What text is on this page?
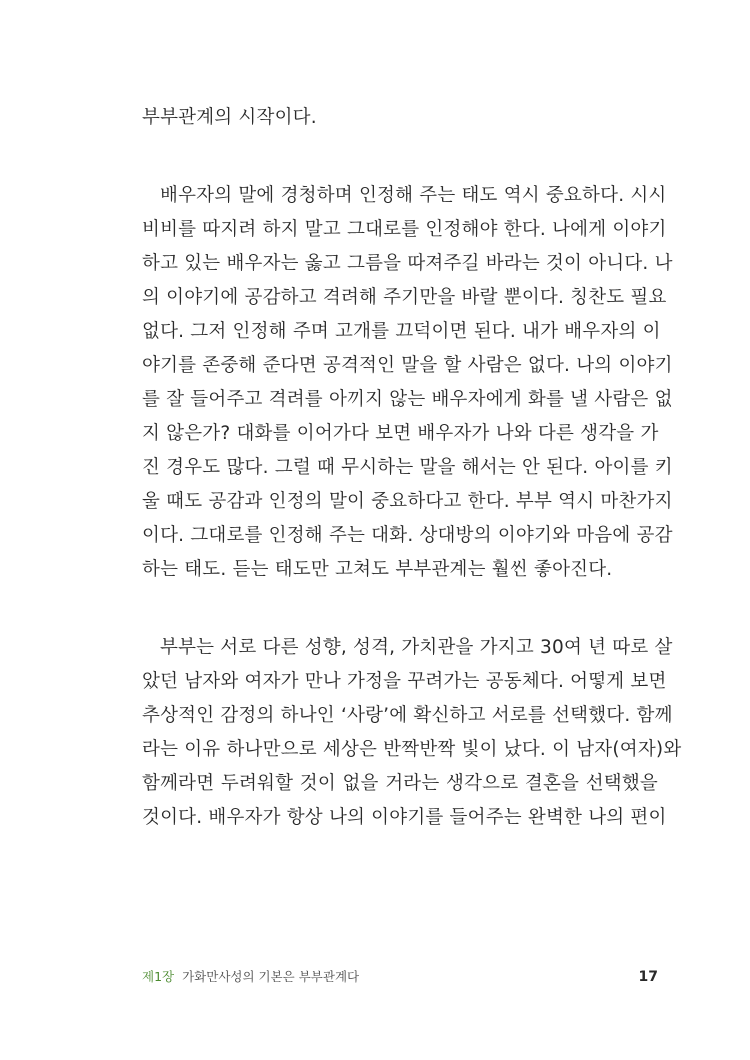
부부관계의 시작이다.
배우자의 말에 경청하며 인정해 주는 태도 역시 중요하다. 시시
비비를 따지려 하지 말고 그대로를 인정해야 한다. 나에게 이야기
하고 있는 배우자는 옳고 그름을 따져주길 바라는 것이 아니다. 나
의 이야기에 공감하고 격려해 주기만을 바랄 뿐이다. 칭찬도 필요
없다. 그저 인정해 주며 고개를 끄덕이면 된다. 내가 배우자의 이
야기를 존중해 준다면 공격적인 말을 할 사람은 없다. 나의 이야기
를 잘 들어주고 격려를 아끼지 않는 배우자에게 화를 낼 사람은 없
지 않은가? 대화를 이어가다 보면 배우자가 나와 다른 생각을 가
진 경우도 많다. 그럴 때 무시하는 말을 해서는 안 된다. 아이를 키
울 때도 공감과 인정의 말이 중요하다고 한다. 부부 역시 마찬가지
이다. 그대로를 인정해 주는 대화. 상대방의 이야기와 마음에 공감
하는 태도. 듣는 태도만 고쳐도 부부관계는 훨씬 좋아진다.
부부는 서로 다른 성향, 성격, 가치관을 가지고 30여 년 따로 살
았던 남자와 여자가 만나 가정을 꾸려가는 공동체다. 어떻게 보면
추상적인 감정의 하나인 ‘사랑’에 확신하고 서로를 선택했다. 함께
라는 이유 하나만으로 세상은 반짝반짝 빛이 났다. 이 남자(여자)와
함께라면 두려워할 것이 없을 거라는 생각으로 결혼을 선택했을
것이다. 배우자가 항상 나의 이야기를 들어주는 완벽한 나의 편이
제1장 가화만사성의 기본은 부부관계다	17
